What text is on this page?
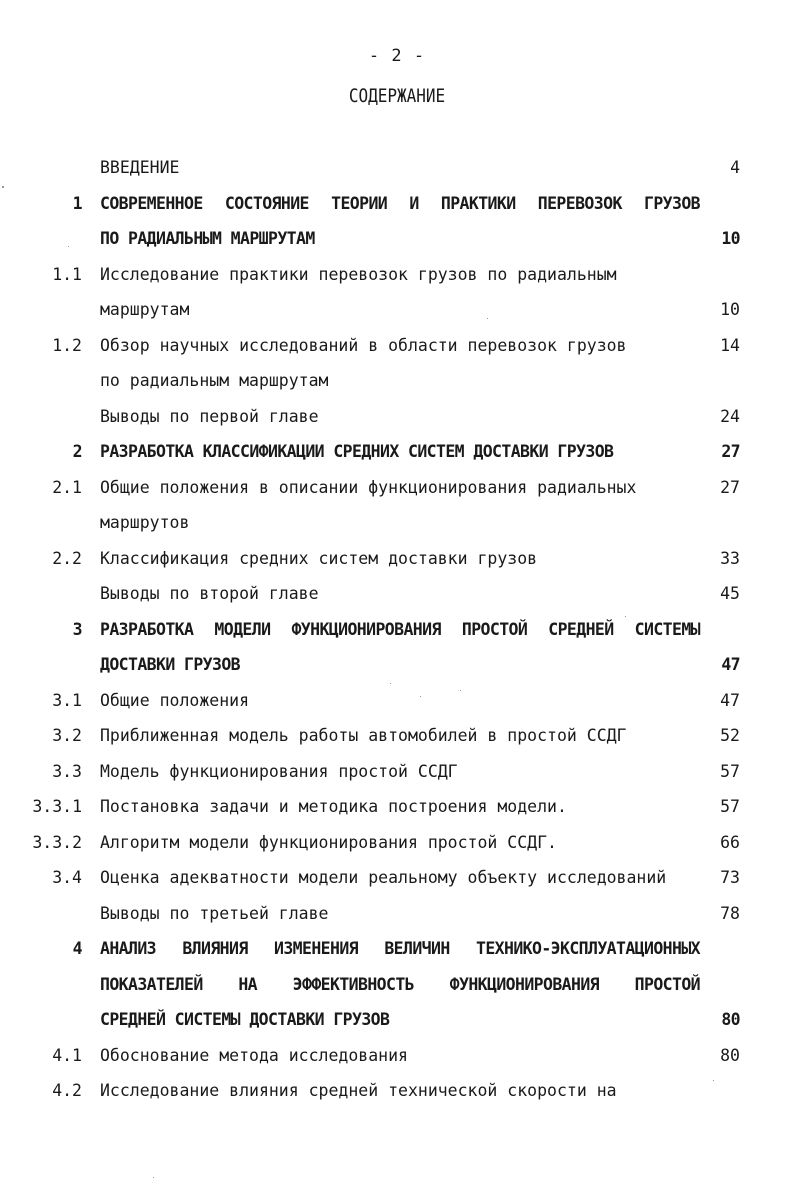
- 2 -
СОДЕРЖАНИЕ
ВВЕДЕНИЕ	4
1 СОВРЕМЕННОЕ СОСТОЯНИЕ ТЕОРИИ И ПРАКТИКИ ПЕРЕВОЗОК ГРУЗОВ
ПО РАДИАЛЬНЫМ МАРШРУТАМ	10
1.1 Исследование практики перевозок грузов по радиальным
маршрутам	10
1.2 Обзор научных исследований в области перевозок грузов	14
по радиальным маршрутам
Выводы по первой главе	24
2 РАЗРАБОТКА КЛАССИФИКАЦИИ СРЕДНИХ СИСТЕМ ДОСТАВКИ ГРУЗОВ	27
2.1 Общие положения в описании функционирования радиальных	27
маршрутов
2.2 Классификация средних систем доставки грузов	33
Выводы по второй главе	45
3 РАЗРАБОТКА МОДЕЛИ ФУНКЦИОНИРОВАНИЯ ПРОСТОЙ СРЕДНЕЙ СИСТЕМЫ
ДОСТАВКИ ГРУЗОВ	47
3.1 Общие положения	47
3.2 Приближенная модель работы автомобилей в простой ССДГ	52
3.3 Модель функционирования простой ССДГ	57
3.3.1 Постановка задачи и методика построения модели.	57
3.3.2 Алгоритм модели функционирования простой ССДГ.	66
3.4 Оценка адекватности модели реальному объекту исследований	73
Выводы по третьей главе	78
4 АНАЛИЗ ВЛИЯНИЯ ИЗМЕНЕНИЯ ВЕЛИЧИН ТЕХНИКО-ЭКСПЛУАТАЦИОННЫХ
ПОКАЗАТЕЛЕЙ НА ЭФФЕКТИВНОСТЬ ФУНКЦИОНИРОВАНИЯ ПРОСТОЙ
СРЕДНЕЙ СИСТЕМЫ ДОСТАВКИ ГРУЗОВ	80
4.1 Обоснование метода исследования	80
4.2 Исследование влияния средней технической скорости на
